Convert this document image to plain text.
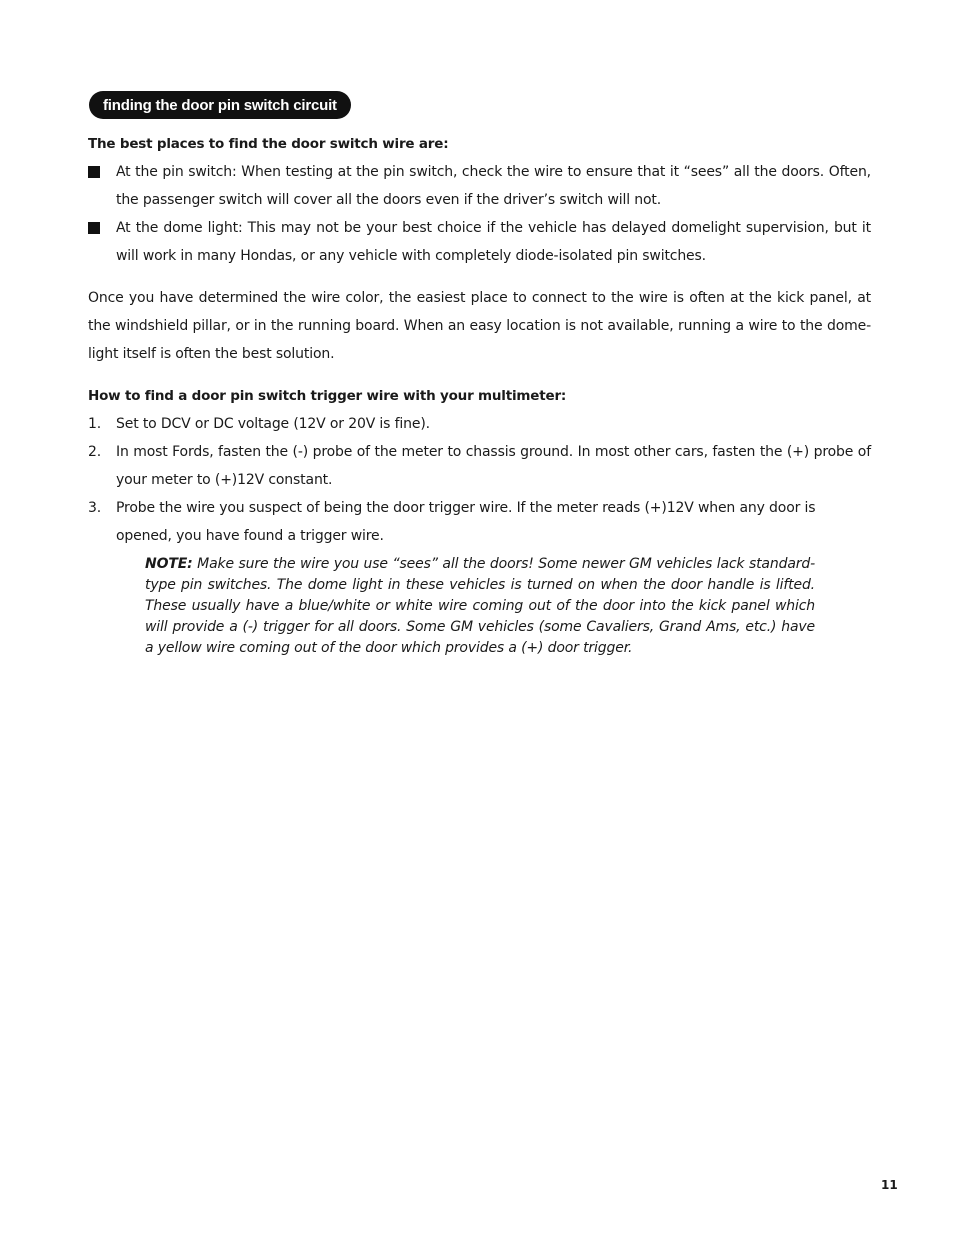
finding the door pin switch circuit
The best places to find the door switch wire are:
At the pin switch: When testing at the pin switch, check the wire to ensure that it “sees” all the doors. Often, the passenger switch will cover all the doors even if the driver’s switch will not.
At the dome light: This may not be your best choice if the vehicle has delayed domelight supervision, but it will work in many Hondas, or any vehicle with completely diode-isolated pin switches.

Once you have determined the wire color, the easiest place to connect to the wire is often at the kick panel, at the windshield pillar, or in the running board. When an easy location is not available, running a wire to the dome-light itself is often the best solution.

How to find a door pin switch trigger wire with your multimeter:
1. Set to DCV or DC voltage (12V or 20V is fine).
2. In most Fords, fasten the (-) probe of the meter to chassis ground. In most other cars, fasten the (+) probe of your meter to (+)12V constant.
3. Probe the wire you suspect of being the door trigger wire. If the meter reads (+)12V when any door is opened, you have found a trigger wire.
NOTE: Make sure the wire you use “sees” all the doors! Some newer GM vehicles lack standard-type pin switches. The dome light in these vehicles is turned on when the door handle is lifted. These usually have a blue/white or white wire coming out of the door into the kick panel which will provide a (-) trigger for all doors. Some GM vehicles (some Cavaliers, Grand Ams, etc.) have a yellow wire coming out of the door which provides a (+) door trigger.
11
